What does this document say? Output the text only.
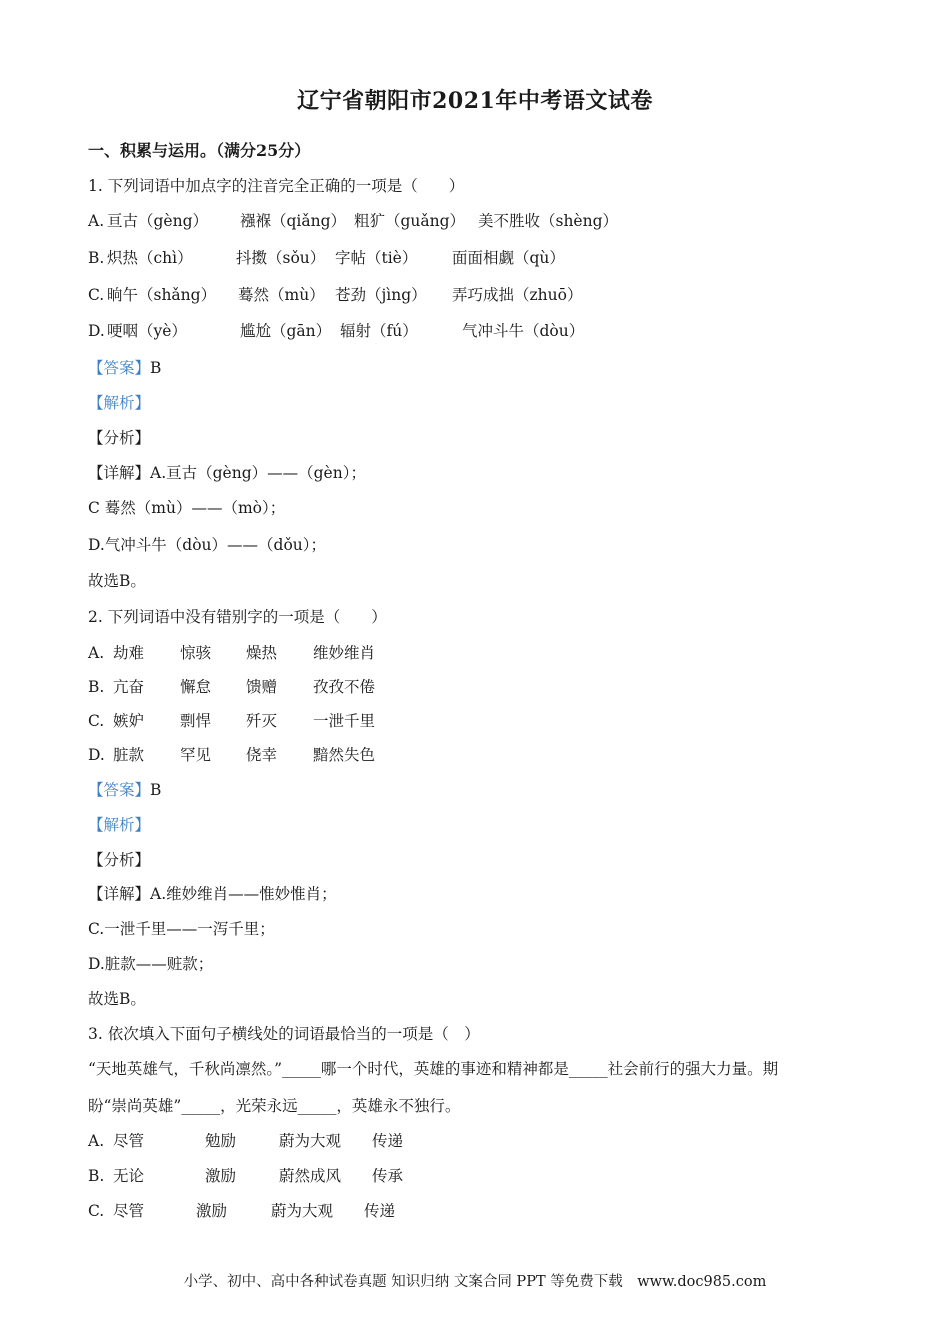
辽宁省朝阳市2021年中考语文试卷
一、积累与运用。（满分25分）
1. 下列词语中加点字的注音完全正确的一项是（　　）
A. 亘古（gèng） 襁褓（qiǎng） 粗犷（guǎng） 美不胜收（shèng）
B. 炽热（chì）	抖擞（sǒu） 字帖（tiè） 面面相觑（qù）
C. 晌午（shǎng） 蓦然（mù） 苍劲（jìng） 弄巧成拙（zhuō）
D. 哽咽（yè）	尴尬（gān） 辐射（fú）	气冲斗牛（dòu）
【答案】B
【解析】
【分析】
【详解】A.亘古（gèng）——（gèn）；
C 蓦然（mù）——（mò）；
D.气冲斗牛（dòu）——（dǒu）；
故选B。
2. 下列词语中没有错别字的一项是（　　）
A. 劫难 惊骇 燥热 维妙维肖
B. 亢奋 懈怠 馈赠 孜孜不倦
C. 嫉妒 剽悍 歼灭 一泄千里
D. 脏款 罕见 侥幸 黯然失色
【答案】B
【解析】
【分析】
【详解】A.维妙维肖——惟妙惟肖；
C.一泄千里——一泻千里；
D.脏款——赃款；
故选B。
3. 依次填入下面句子横线处的词语最恰当的一项是（　）
“天地英雄气，千秋尚凛然。”_____哪一个时代，英雄的事迹和精神都是_____社会前行的强大力量。期
盼“崇尚英雄”_____，光荣永远_____，英雄永不独行。
A. 尽管	勉励	蔚为大观 传递
B. 无论	激励	蔚然成风 传承
C. 尽管	激励	蔚为大观 传递
小学、初中、高中各种试卷真题 知识归纳 文案合同 PPT 等免费下载　www.doc985.com
